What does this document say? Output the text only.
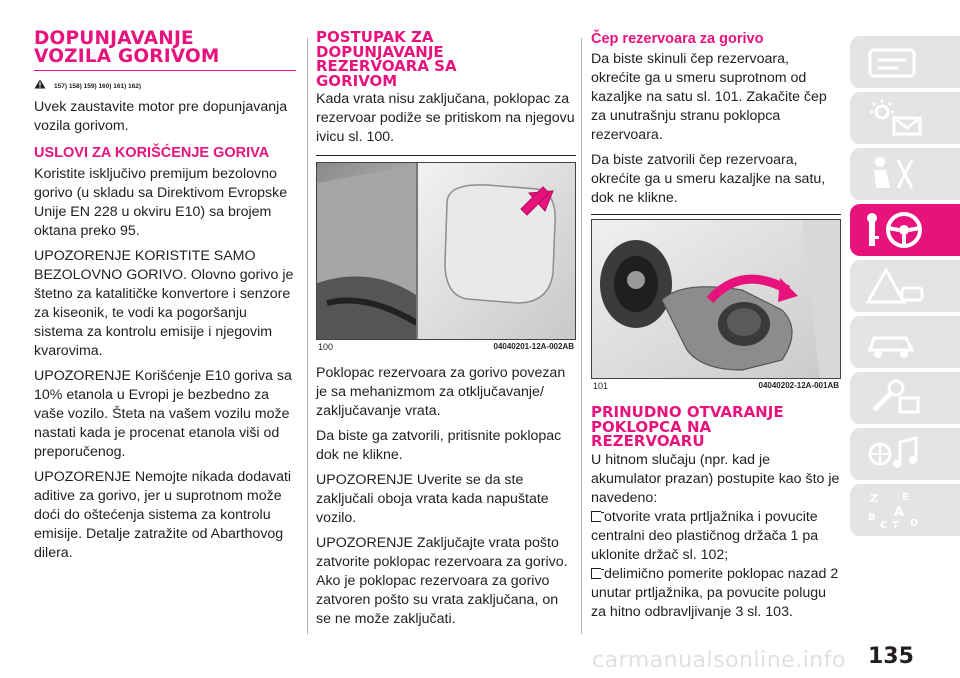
DOPUNJAVANJE
VOZILA GORIVOM
157) 158) 159) 160) 161) 162)

Uvek zaustavite motor pre dopunjavanja vozila gorivom.

USLOVI ZA KORIŠĆENJE GORIVA

Koristite isključivo premijum bezolovno gorivo (u skladu sa Direktivom Evropske Unije EN 228 u okviru E10) sa brojem oktana preko 95.

UPOZORENJE KORISTITE SAMO BEZOLOVNO GORIVO. Olovno gorivo je štetno za katalitičke konvertore i senzore za kiseonik, te vodi ka pogoršanju sistema za kontrolu emisije i njegovim kvarovima.

UPOZORENJE Korišćenje E10 goriva sa 10% etanola u Evropi je bezbedno za vaše vozilo. Šteta na vašem vozilu može nastati kada je procenat etanola viši od preporučenog.

UPOZORENJE Nemojte nikada dodavati aditive za gorivo, jer u suprotnom može doći do oštećenja sistema za kontrolu emisije. Detalje zatražite od Abarthovog dilera.

POSTUPAK ZA
DOPUNJAVANJE
REZERVOARA SA
GORIVOM

Kada vrata nisu zaključana, poklopac za rezervoar podiže se pritiskom na njegovu ivicu sl. 100.

100	04040201-12A-002AB

Poklopac rezervoara za gorivo povezan je sa mehanizmom za otključavanje/ zaključavanje vrata.

Da biste ga zatvorili, pritisnite poklopac dok ne klikne.

UPOZORENJE Uverite se da ste zaključali oboja vrata kada napuštate vozilo.

UPOZORENJE Zaključajte vrata pošto zatvorite poklopac rezervoara za gorivo. Ako je poklopac rezervoara za gorivo zatvoren pošto su vrata zaključana, on se ne može zaključati.

Čep rezervoara za gorivo

Da biste skinuli čep rezervoara, okrećite ga u smeru suprotnom od kazaljke na satu sl. 101. Zakačite čep za unutrašnju stranu poklopca rezervoara.

Da biste zatvorili čep rezervoara, okrećite ga u smeru kazaljke na satu, dok ne klikne.

101	04040202-12A-001AB
PRINUDNO OTVARANJE
POKLOPCA NA
REZERVOARU

U hitnom slučaju (npr. kad je akumulator prazan) postupite kao što je navedeno:

otvorite vrata prtljažnika i povucite centralni deo plastičnog držača 1 pa uklonite držač sl. 102;

delimično pomerite poklopac nazad 2 unutar prtljažnika, pa povucite polugu za hitno odbravljivanje 3 sl. 103.

Z E
B A
C T D
carmanualsonline.info 135
